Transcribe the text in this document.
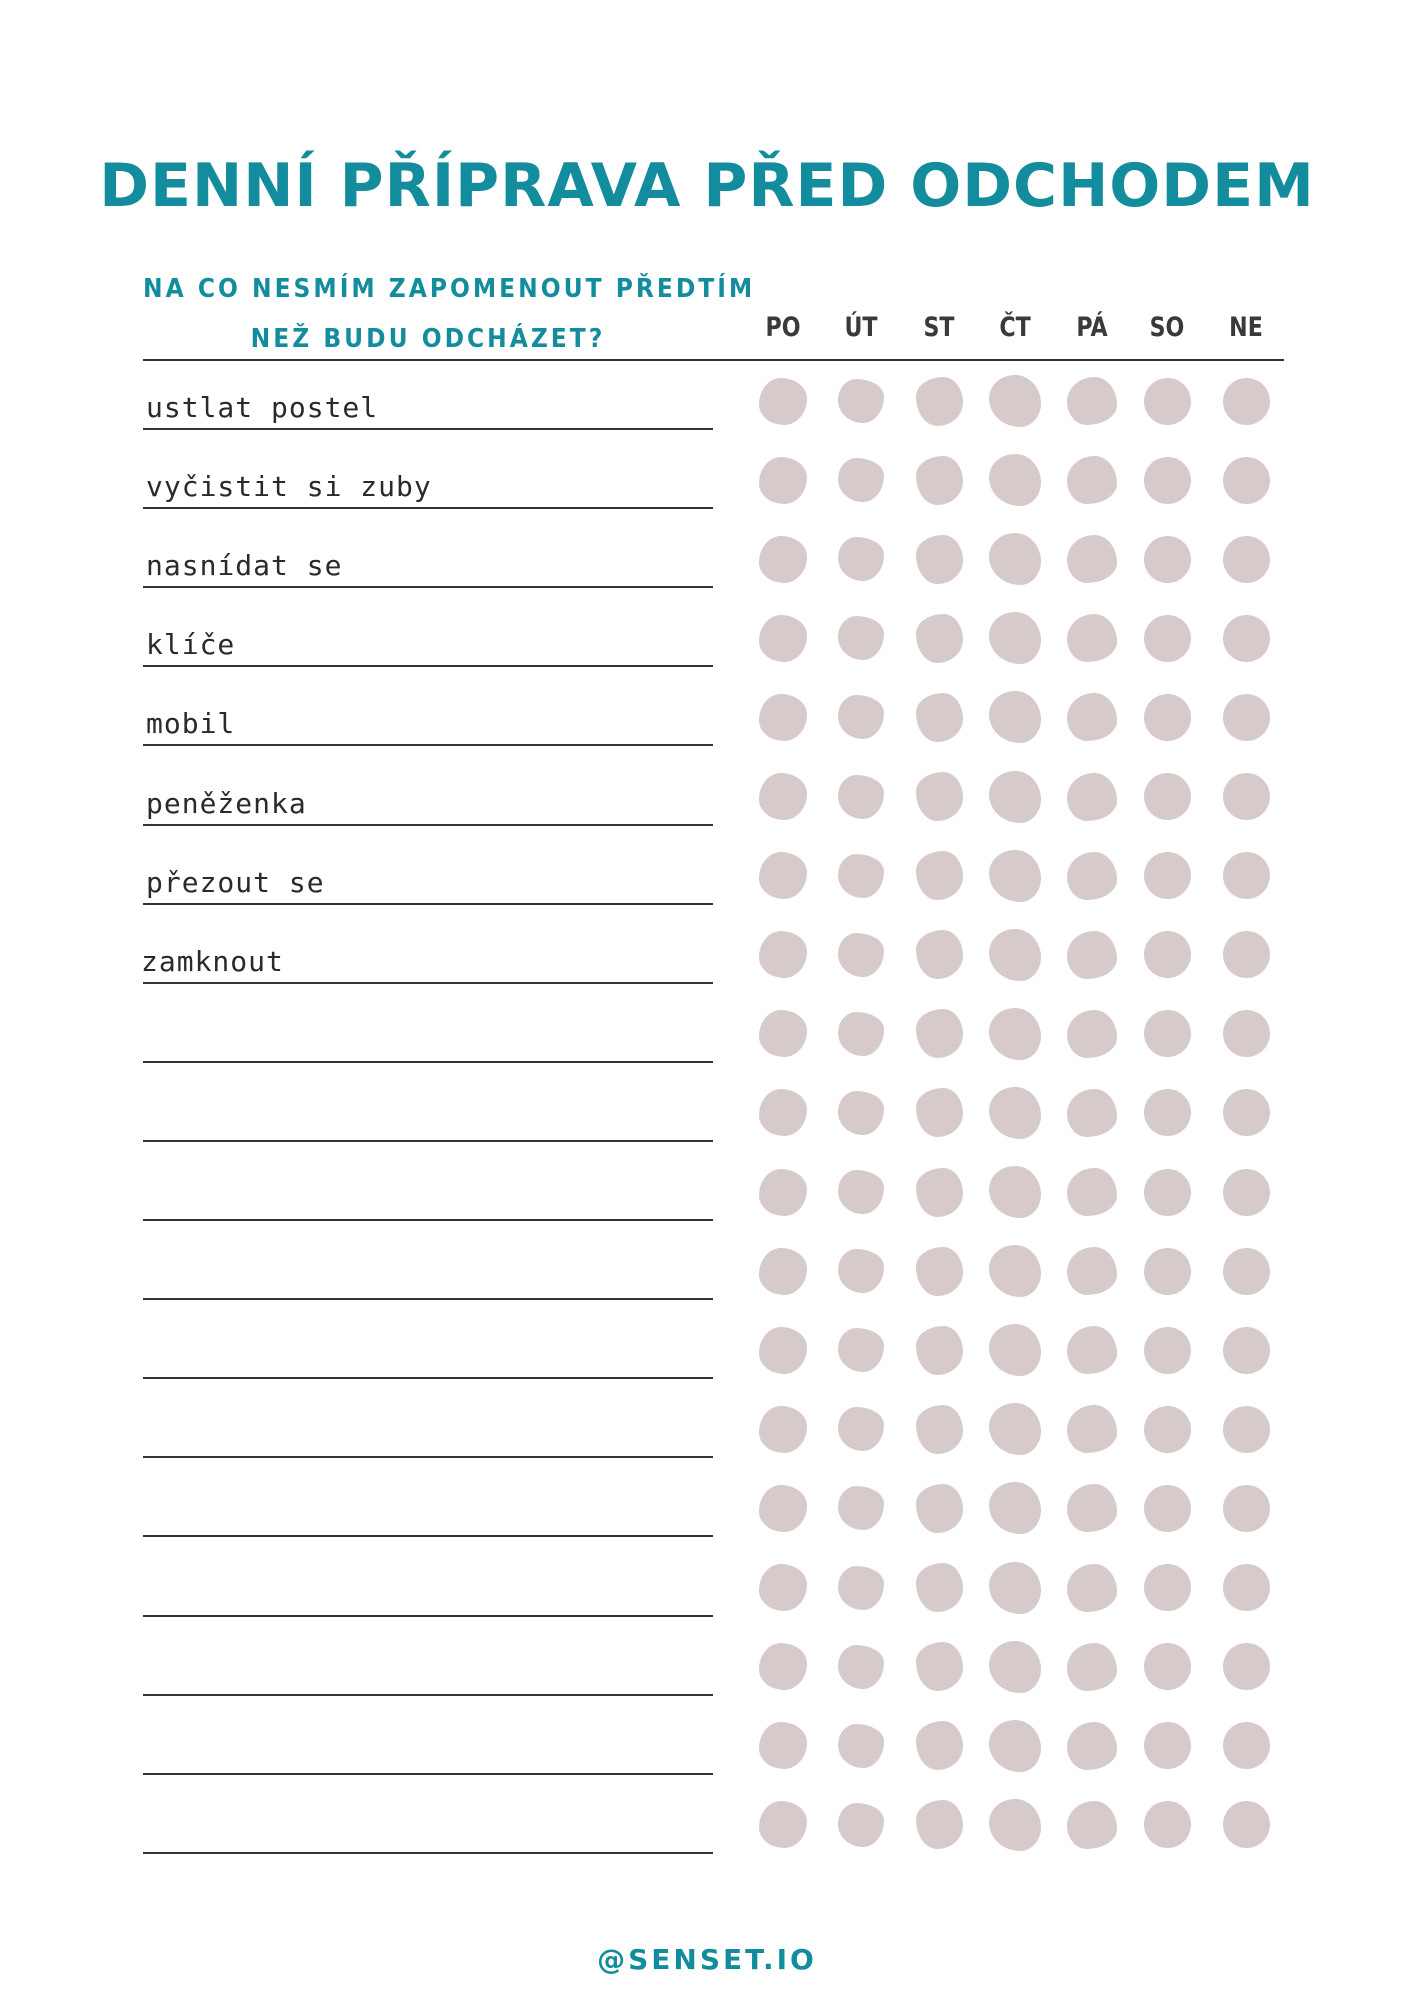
DENNÍ PŘÍPRAVA PŘED ODCHODEM
NA CO NESMÍM ZAPOMENOUT PŘEDTÍM
NEŽ BUDU ODCHÁZET?	PO	ÚT	ST	ČT	PÁ	SO	NE
ustlat postel
vyčistit si zuby
nasnídat se
klíče
mobil
peněženka
přezout se
zamknout
@SENSET.IO
